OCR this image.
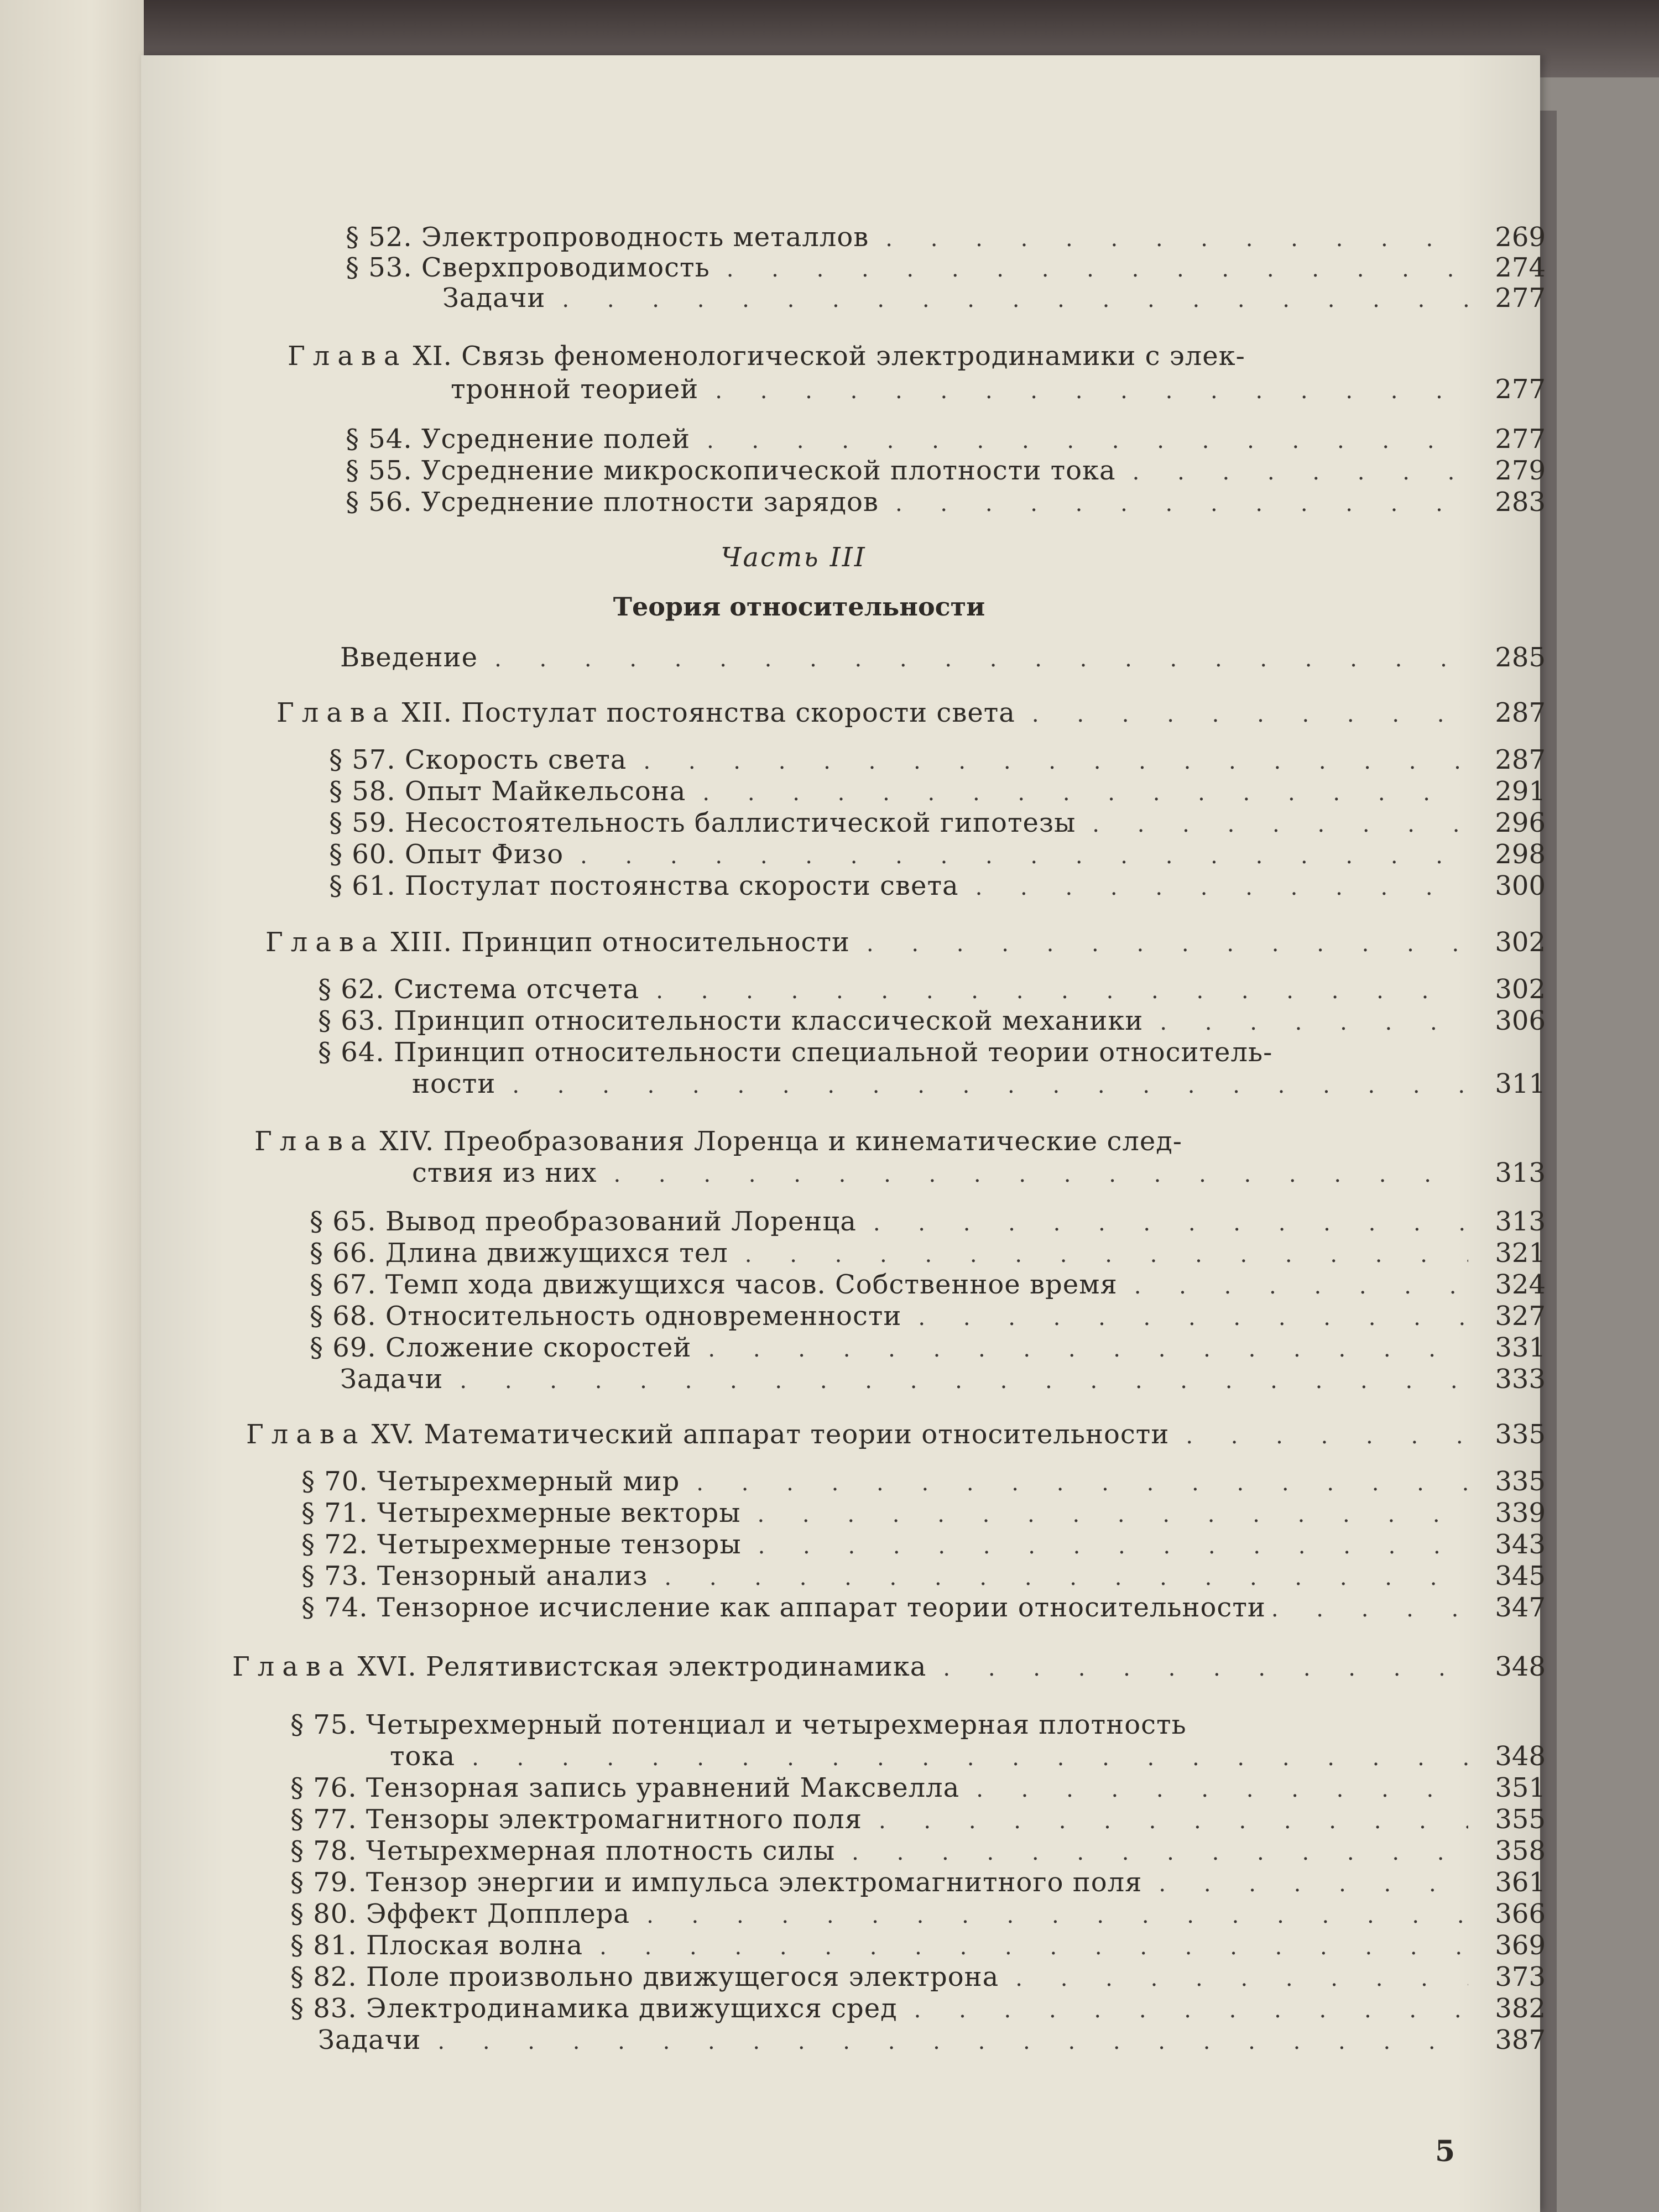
§ 52. Электропроводность металлов . . .	269
§ 53. Сверхпроводимость . . .	274
Задачи . . .	277
Глава XI. Связь феноменологической электродинамики с элек-
тронной теорией . . .	277
§ 54. Усреднение полей . . .	277
§ 55. Усреднение микроскопической плотности тока . . .	279
§ 56. Усреднение плотности зарядов . . .	283
Часть III
Теория относительности
Введение . . .	285
Глава XII. Постулат постоянства скорости света . . .	287
§ 57. Скорость света . . .	287
§ 58. Опыт Майкельсона . . .	291
§ 59. Несостоятельность баллистической гипотезы . . .	296
§ 60. Опыт Физо . . .	298
§ 61. Постулат постоянства скорости света . . .	300
Глава XIII. Принцип относительности . . .	302
§ 62. Система отсчета . . .	302
§ 63. Принцип относительности классической механики . . .	306
§ 64. Принцип относительности специальной теории относитель-
ности . . .	311
Глава XIV. Преобразования Лоренца и кинематические след-
ствия из них . . .	313
§ 65. Вывод преобразований Лоренца . . .	313
§ 66. Длина движущихся тел . . .	321
§ 67. Темп хода движущихся часов. Собственное время . . .	324
§ 68. Относительность одновременности . . .	327
§ 69. Сложение скоростей . . .	331
Задачи . . .	333
Глава XV. Математический аппарат теории относительности . . .	335
§ 70. Четырехмерный мир . . .	335
§ 71. Четырехмерные векторы . . .	339
§ 72. Четырехмерные тензоры . . .	343
§ 73. Тензорный анализ . . .	345
§ 74. Тензорное исчисление как аппарат теории относительности . . .	347
Глава XVI. Релятивистская электродинамика . . .	348
§ 75. Четырехмерный потенциал и четырехмерная плотность
тока . . .	348
§ 76. Тензорная запись уравнений Максвелла . . .	351
§ 77. Тензоры электромагнитного поля . . .	355
§ 78. Четырехмерная плотность силы . . .	358
§ 79. Тензор энергии и импульса электромагнитного поля . . .	361
§ 80. Эффект Допплера . . .	366
§ 81. Плоская волна . . .	369
§ 82. Поле произвольно движущегося электрона . . .	373
§ 83. Электродинамика движущихся сред . . .	382
Задачи . . .	387
5
